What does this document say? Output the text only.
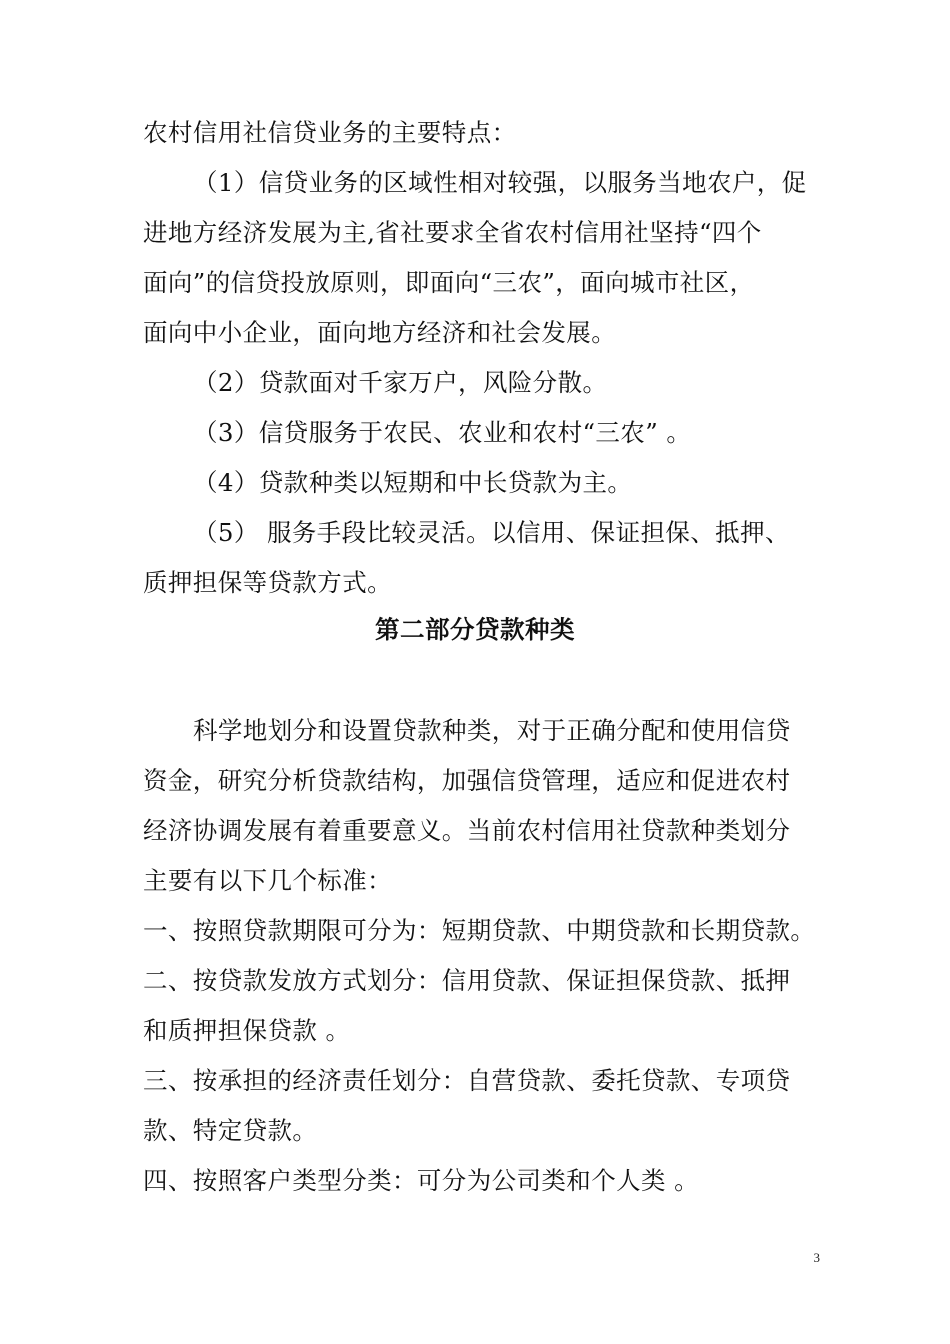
农村信用社信贷业务的主要特点：
（1）信贷业务的区域性相对较强，以服务当地农户，促
进地方经济发展为主,省社要求全省农村信用社坚持“四个
面向”的信贷投放原则，即面向“三农”，面向城市社区，
面向中小企业，面向地方经济和社会发展。
（2）贷款面对千家万户，风险分散。
（3）信贷服务于农民、农业和农村“三农” 。
（4）贷款种类以短期和中长贷款为主。
（5） 服务手段比较灵活。以信用、保证担保、抵押、
质押担保等贷款方式。
第二部分贷款种类
科学地划分和设置贷款种类，对于正确分配和使用信贷
资金，研究分析贷款结构，加强信贷管理，适应和促进农村
经济协调发展有着重要意义。当前农村信用社贷款种类划分
主要有以下几个标准：
一、按照贷款期限可分为：短期贷款、中期贷款和长期贷款。
二、按贷款发放方式划分：信用贷款、保证担保贷款、抵押
和质押担保贷款 。
三、按承担的经济责任划分：自营贷款、委托贷款、专项贷
款、特定贷款。
四、按照客户类型分类：可分为公司类和个人类 。
3
